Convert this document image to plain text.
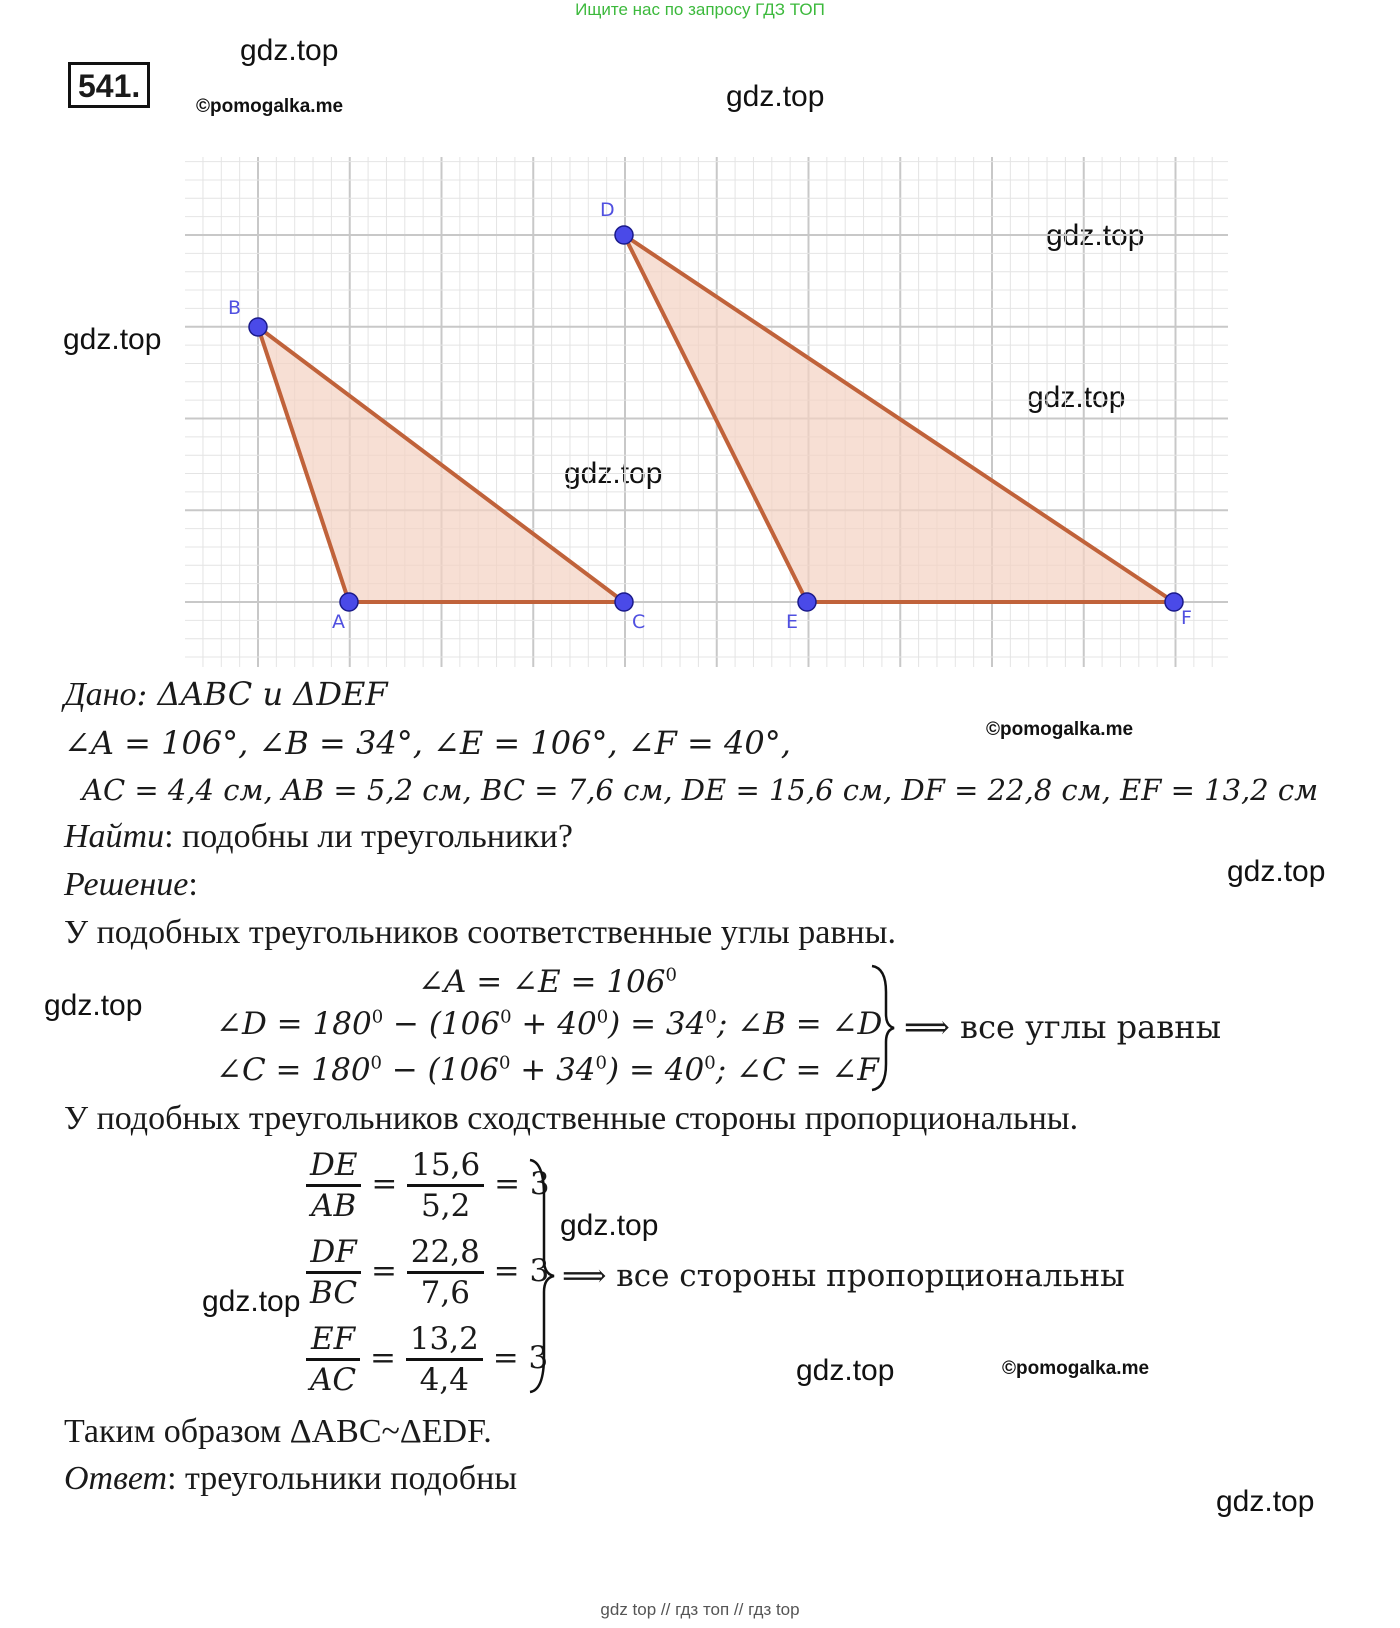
Ищите нас по запросу ГДЗ ТОП
541.
gdz.top
gdz.top
gdz.top
gdz.top
gdz.top
gdz.top
gdz.top
gdz.top
gdz.top
gdz.top
gdz.top
gdz.top
©pomogalka.me
©pomogalka.me
©pomogalka.me
B
A	C
D
E	F
Дано: ΔABC и ΔDEF
∠A = 106°, ∠B = 34°, ∠E = 106°, ∠F = 40°,
AC = 4,4 см, AB = 5,2 см, BC = 7,6 см, DE = 15,6 см, DF = 22,8 см, EF = 13,2 см
Найти: подобны ли треугольники?
Решение:
У подобных треугольников соответственные углы равны.
∠A = ∠E = $106^0$
∠D = $180^0 - (106^0 + 40^0) = 34^0$; ∠B = ∠D
∠C = $180^0 - (106^0 + 34^0) = 40^0$; ∠C = ∠F
⟹ все углы равны
У подобных треугольников сходственные стороны пропорциональны.
$\frac{DE}{AB} = \frac{15,6}{5,2} = 3$
$\frac{DF}{BC} = \frac{22,8}{7,6} = 3$
$\frac{EF}{AC} = \frac{13,2}{4,4} = 3$
⟹ все стороны пропорциональны
Таким образом ΔABC~ΔEDF.
Ответ: треугольники подобны
gdz top // гдз топ // гдз top
